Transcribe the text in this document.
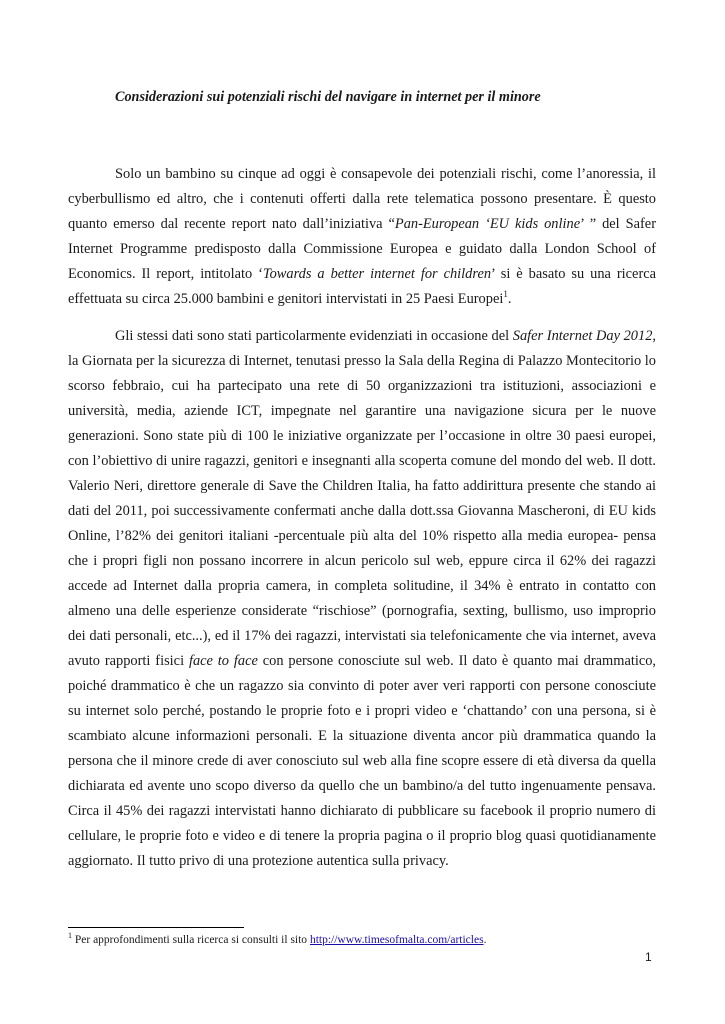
Considerazioni sui potenziali rischi del navigare in internet per il minore

Solo un bambino su cinque ad oggi è consapevole dei potenziali rischi, come l’anoressia, il cyberbullismo ed altro, che i contenuti offerti dalla rete telematica possono presentare. È questo quanto emerso dal recente report nato dall’iniziativa “Pan-European ‘EU kids online’ ” del Safer Internet Programme predisposto dalla Commissione Europea e guidato dalla London School of Economics. Il report, intitolato ‘Towards a better internet for children’ si è basato su una ricerca effettuata su circa 25.000 bambini e genitori intervistati in 25 Paesi Europei$^1$.

Gli stessi dati sono stati particolarmente evidenziati in occasione del Safer Internet Day 2012, la Giornata per la sicurezza di Internet, tenutasi presso la Sala della Regina di Palazzo Montecitorio lo scorso febbraio, cui ha partecipato una rete di 50 organizzazioni tra istituzioni, associazioni e università, media, aziende ICT, impegnate nel garantire una navigazione sicura per le nuove generazioni. Sono state più di 100 le iniziative organizzate per l’occasione in oltre 30 paesi europei, con l’obiettivo di unire ragazzi, genitori e insegnanti alla scoperta comune del mondo del web. Il dott. Valerio Neri, direttore generale di Save the Children Italia, ha fatto addirittura presente che stando ai dati del 2011, poi successivamente confermati anche dalla dott.ssa Giovanna Mascheroni, di EU kids Online, l’82% dei genitori italiani -percentuale più alta del 10% rispetto alla media europea- pensa che i propri figli non possano incorrere in alcun pericolo sul web, eppure circa il 62% dei ragazzi accede ad Internet dalla propria camera, in completa solitudine, il 34% è entrato in contatto con almeno una delle esperienze considerate “rischiose” (pornografia, sexting, bullismo, uso improprio dei dati personali, etc...), ed il 17% dei ragazzi, intervistati sia telefonicamente che via internet, aveva avuto rapporti fisici face to face con persone conosciute sul web. Il dato è quanto mai drammatico, poiché drammatico è che un ragazzo sia convinto di poter aver veri rapporti con persone conosciute su internet solo perché, postando le proprie foto e i propri video e ‘chattando’ con una persona, si è scambiato alcune informazioni personali. E la situazione diventa ancor più drammatica quando la persona che il minore crede di aver conosciuto sul web alla fine scopre essere di età diversa da quella dichiarata ed avente uno scopo diverso da quello che un bambino/a del tutto ingenuamente pensava. Circa il 45% dei ragazzi intervistati hanno dichiarato di pubblicare su facebook il proprio numero di cellulare, le proprie foto e video e di tenere la propria pagina o il proprio blog quasi quotidianamente aggiornato. Il tutto privo di una protezione autentica sulla privacy.

$^1$ Per approfondimenti sulla ricerca si consulti il sito http://www.timesofmalta.com/articles.
1
